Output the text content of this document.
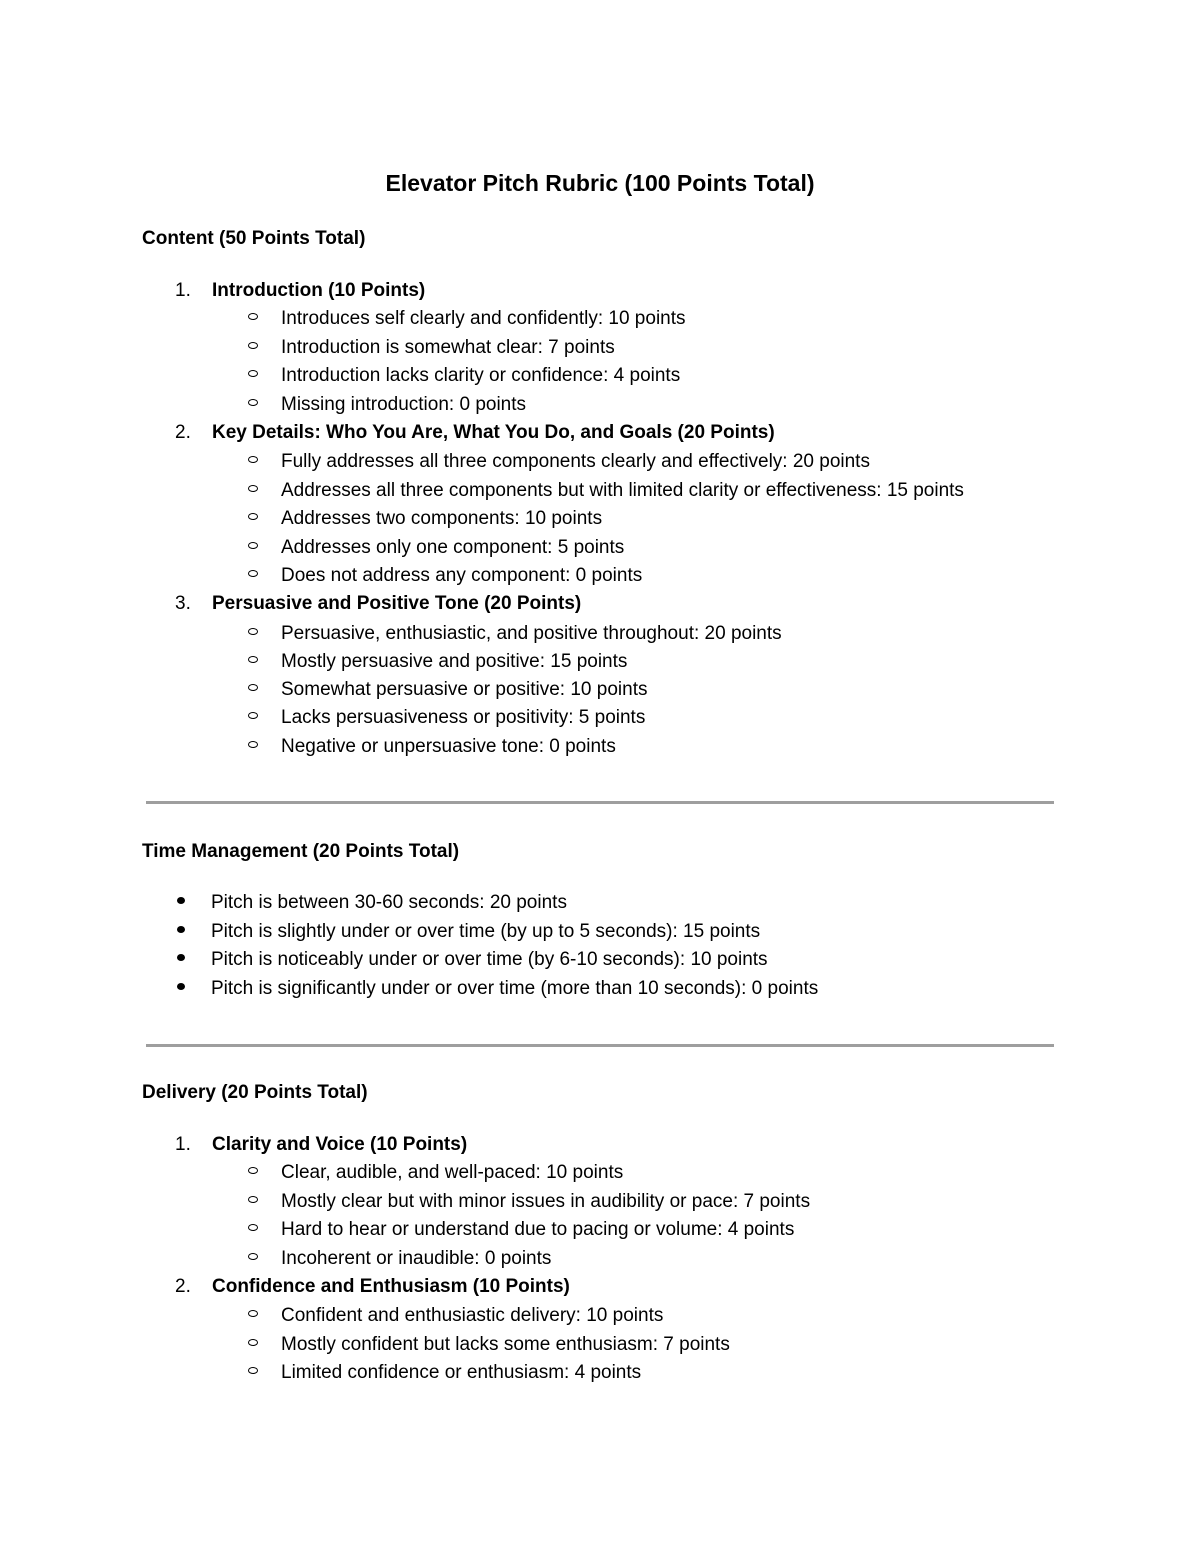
Elevator Pitch Rubric (100 Points Total)
Content (50 Points Total)
1. Introduction (10 Points)
Introduces self clearly and confidently: 10 points
Introduction is somewhat clear: 7 points
Introduction lacks clarity or confidence: 4 points
Missing introduction: 0 points
2. Key Details: Who You Are, What You Do, and Goals (20 Points)
Fully addresses all three components clearly and effectively: 20 points
Addresses all three components but with limited clarity or effectiveness: 15 points
Addresses two components: 10 points
Addresses only one component: 5 points
Does not address any component: 0 points
3. Persuasive and Positive Tone (20 Points)
Persuasive, enthusiastic, and positive throughout: 20 points
Mostly persuasive and positive: 15 points
Somewhat persuasive or positive: 10 points
Lacks persuasiveness or positivity: 5 points
Negative or unpersuasive tone: 0 points
Time Management (20 Points Total)
Pitch is between 30-60 seconds: 20 points
Pitch is slightly under or over time (by up to 5 seconds): 15 points
Pitch is noticeably under or over time (by 6-10 seconds): 10 points
Pitch is significantly under or over time (more than 10 seconds): 0 points
Delivery (20 Points Total)
1. Clarity and Voice (10 Points)
Clear, audible, and well-paced: 10 points
Mostly clear but with minor issues in audibility or pace: 7 points
Hard to hear or understand due to pacing or volume: 4 points
Incoherent or inaudible: 0 points
2. Confidence and Enthusiasm (10 Points)
Confident and enthusiastic delivery: 10 points
Mostly confident but lacks some enthusiasm: 7 points
Limited confidence or enthusiasm: 4 points
